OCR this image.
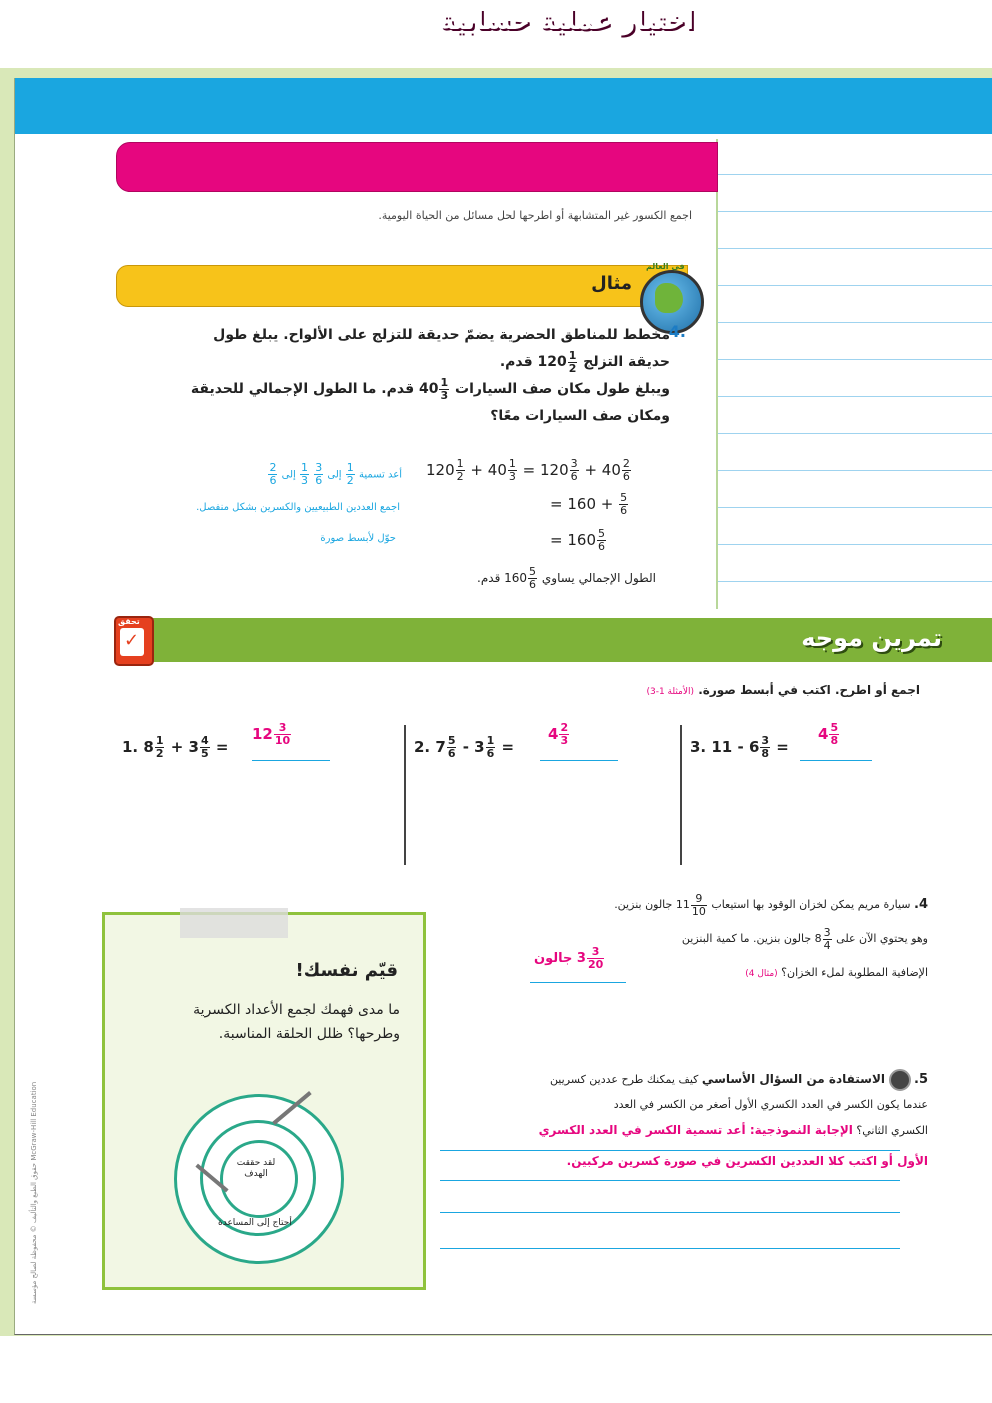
اختيار عملية حسابية
اجمع الكسور غير المتشابهة أو اطرحها لحل مسائل من الحياة اليومية.
مثال
في العالم
4.
مخطط للمناطق الحضرية يضمّ حديقة للتزلج على الألواح. يبلغ طول
حديقة التزلج $120 \frac{1}{2}$
قدم.
ويبلغ طول مكان صف السيارات $40 \frac{1}{3}$
قدم. ما الطول الإجمالي للحديقة
ومكان صف السيارات معًا؟
$120 \frac{1}{2} + 40 \frac{1}{3} = 120 \frac{3}{6} + 40 \frac{2}{6}$
أعد تسمية
$\frac{1}{2}$
إلى
$\frac{3}{6}$

$\frac{1}{3}$
إلى
$\frac{2}{6}$
= $160 + \frac{5}{6}$
اجمع العددين الطبيعيين والكسرين بشكل منفصل.
= $160 \frac{5}{6}$
حوّل لأبسط صورة
الطول الإجمالي يساوي $160 \frac{5}{6}$
قدم.
تمرين موجه
✓
تحقق
اجمع أو اطرح. اكتب في أبسط صورة. (الأمثلة 1-3)
1. $8 \frac{1}{2} + 3 \frac{4}{5}$ =
$12 \frac{3}{10}$	2. $7 \frac{5}{6} - 3 \frac{1}{6}$ =
$4 \frac{2}{3}$	3. $11 - 6 \frac{3}{8}$ =
$4 \frac{5}{8}$
4. سيارة مريم يمكن لخزان الوقود بها استيعاب $11 \frac{9}{10}$
جالون بنزين.
وهو يحتوي الآن على $8 \frac{3}{4}$
جالون بنزين. ما كمية البنزين
الإضافية المطلوبة لملء الخزان؟ (مثال 4)
$3 \frac{3}{20}$
جالون
5.  الاستفادة من السؤال الأساسي كيف يمكنك طرح عددين كسريين
عندما يكون الكسر في العدد الكسري الأول أصغر من الكسر في العدد
الكسري الثاني؟ الإجابة النموذجية: أعد تسمية الكسر في العدد الكسري
الأول أو اكتب كلا العددين الكسرين في صورة كسرين مركبين.
قيّم نفسك!
ما مدى فهمك لجمع الأعداد الكسرية وطرحها؟ ظلل الحلقة المناسبة.
لقد حققت الهدف
أحتاج إلى المساعدة
حقوق الطبع والتأليف © محفوظة لصالح مؤسسة McGraw-Hill Education
